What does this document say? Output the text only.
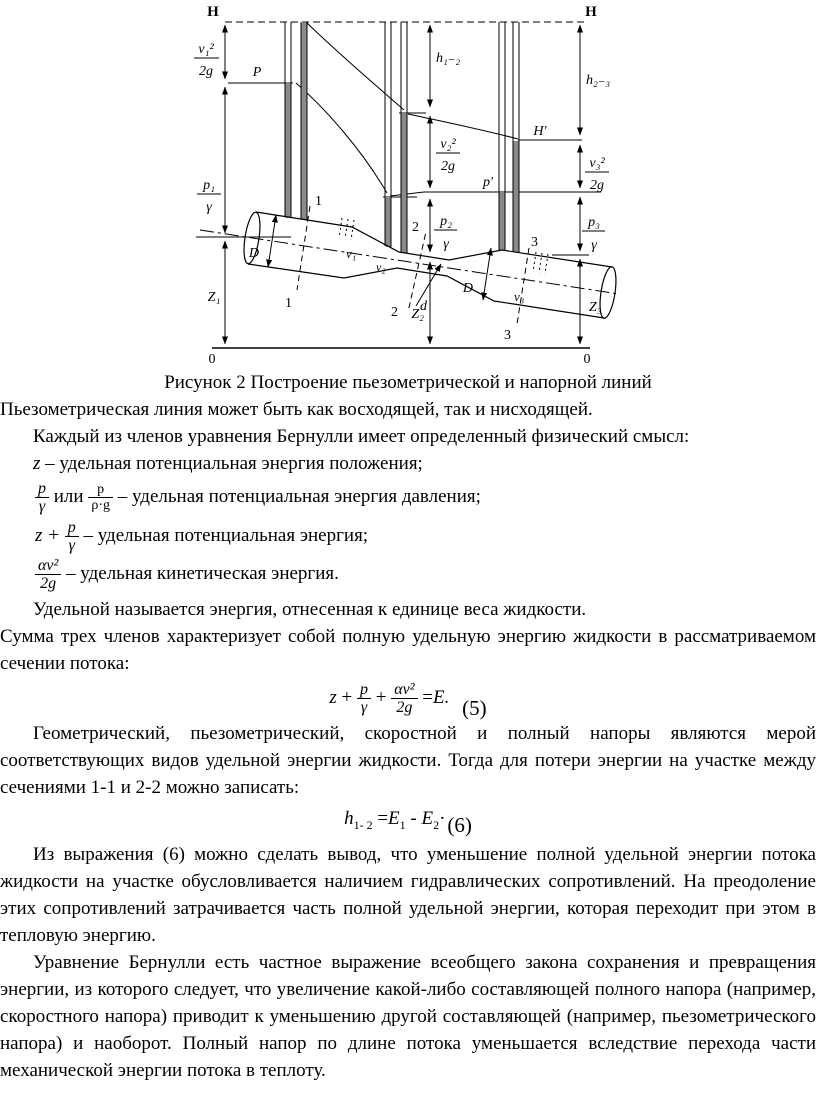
H	H
v₁²
2g	P
p₁
γ
Z₁
h₁₋₂
h₂₋₃
v₂²
2g
p₂
γ
Z₂
H′
p′
v₃²
2g
p₃
γ
Z₃
D
D
d
v₁
v₂
v₃
0	0
1
1
2
2
3
3
Рисунок 2 Построение пьезометрической и напорной линий

Пьезометрическая линия может быть как восходящей, так и нисходящей.

Каждый из членов уравнения Бернулли имеет определенный физический смысл:

z – удельная потенциальная энергия положения;

$\frac{p}{\gamma}$ или $\frac{p}{\rho\cdot g}$ – удельная потенциальная энергия давления;
$z + \frac{p}{\gamma}$ – удельная потенциальная энергия;
$\frac{\text{αv²}}{2g}$ – удельная кинетическая энергия.

Удельной называется энергия, отнесенная к единице веса жидкости.

Сумма трех членов характеризует собой полную удельную энергию жидкости в рассматриваемом сечении потока:

$z + \frac{p}{\gamma} + \frac{\text{αv²}}{2g} =E$. (5)

Геометрический, пьезометрический, скоростной и полный напоры являются мерой соответствующих видов удельной энергии жидкости. Тогда для потери энергии на участке между сечениями 1-1 и 2-2 можно записать:

$h_{1- 2} =E_1 - E_2\cdot(6)$

Из выражения (6) можно сделать вывод, что уменьшение полной удельной энергии потока жидкости на участке обусловливается наличием гидравлических сопротивлений. На преодоление этих сопротивлений затрачивается часть полной удельной энергии, которая переходит при этом в тепловую энергию.

Уравнение Бернулли есть частное выражение всеобщего закона сохранения и превращения энергии, из которого следует, что увеличение какой-либо составляющей полного напора (например, скоростного напора) приводит к уменьшению другой составляющей (например, пьезометрического напора) и наоборот. Полный напор по длине потока уменьшается вследствие перехода части механической энергии потока в теплоту.
